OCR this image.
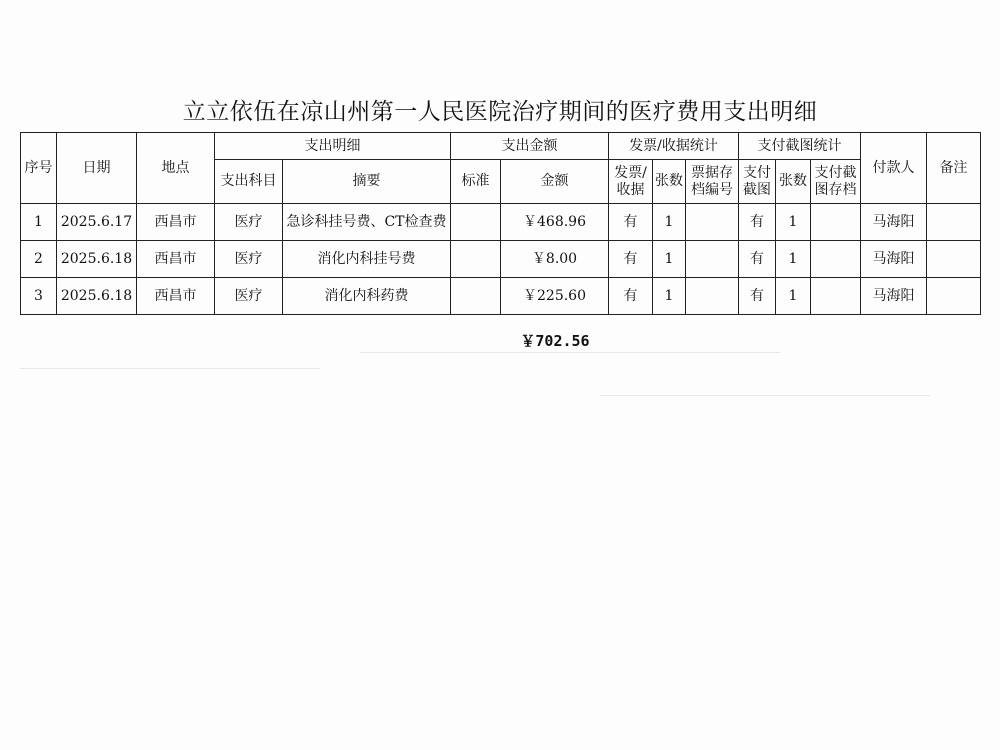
立立依伍在凉山州第一人民医院治疗期间的医疗费用支出明细
序号	日期	地点	支出明细		支出金额		发票/收据统计			支付截图统计			付款人	备注
			支出科目	摘要	标准	金额	发票/收据	张数	票据存档编号	支付截图	张数	支付截图存档		
1	2025.6.17	西昌市	医疗	急诊科挂号费、CT检查费		￥468.96	有	1		有	1		马海阳	
2	2025.6.18	西昌市	医疗	消化内科挂号费		￥8.00	有	1		有	1		马海阳	
3	2025.6.18	西昌市	医疗	消化内科药费		￥225.60	有	1		有	1		马海阳	
￥702.56
